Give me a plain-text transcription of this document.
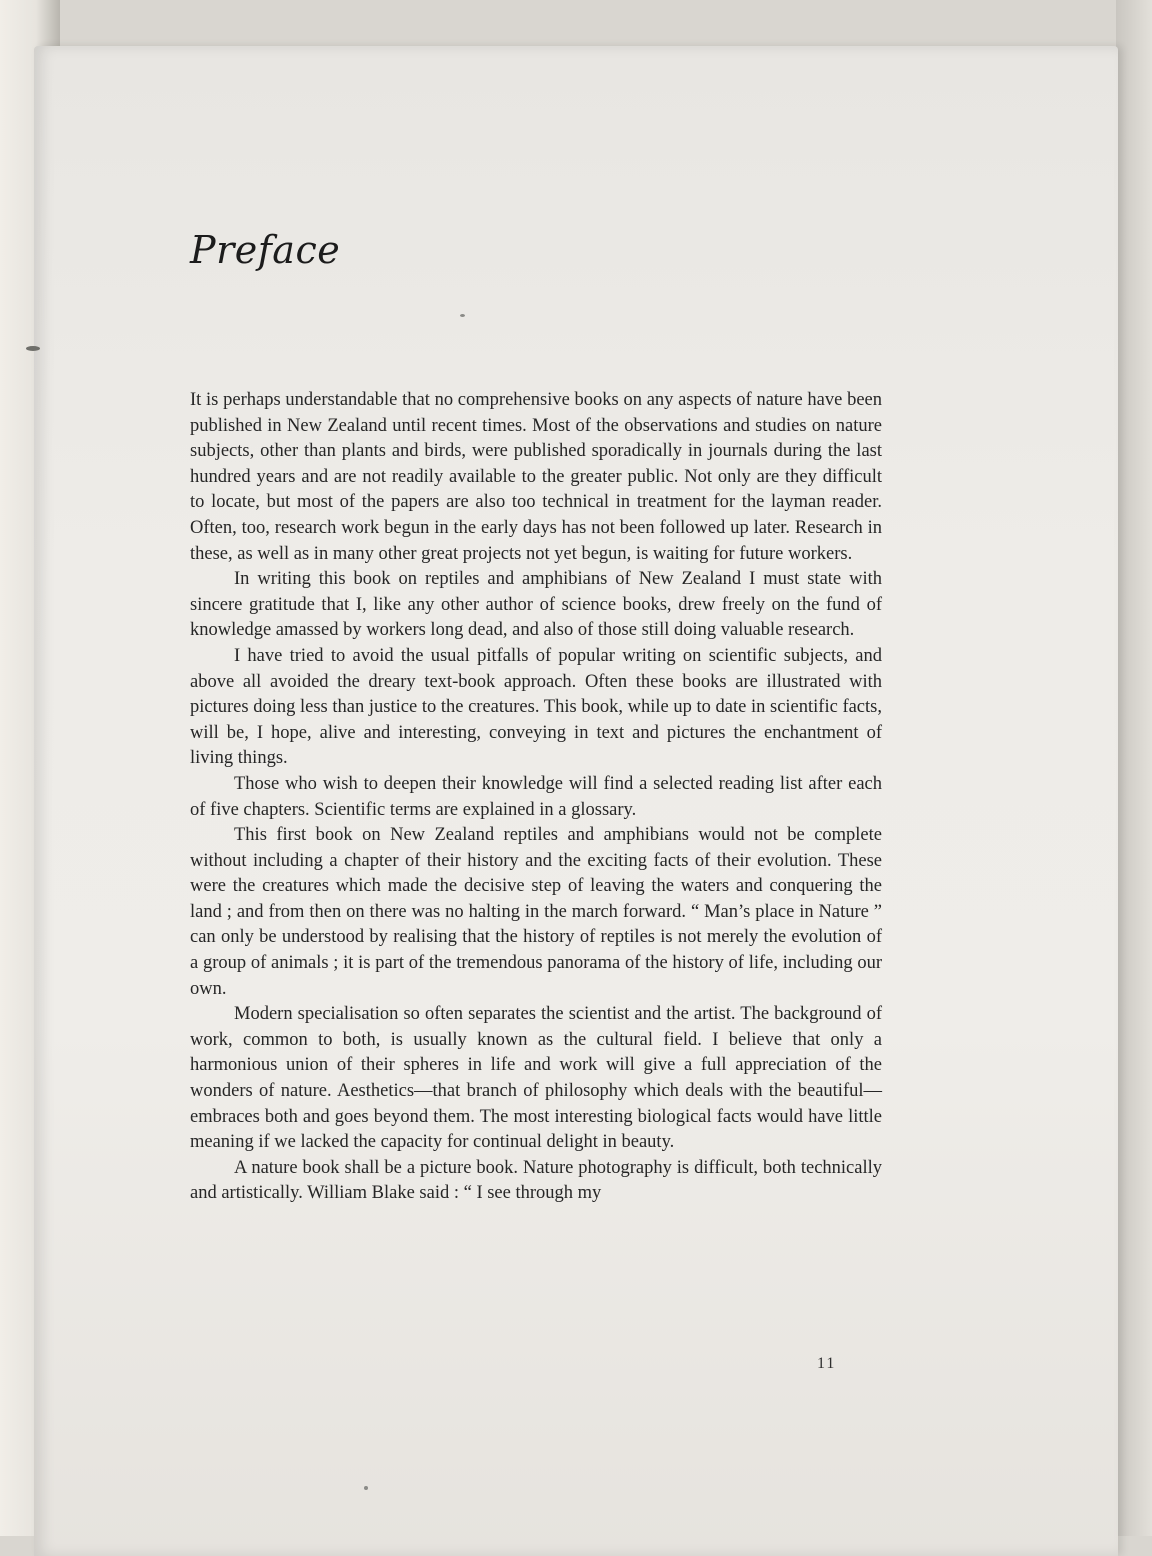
Preface

It is perhaps understandable that no comprehensive books on any aspects of nature have been published in New Zealand until recent times. Most of the observations and studies on nature subjects, other than plants and birds, were published sporadically in journals during the last hundred years and are not readily available to the greater public. Not only are they difficult to locate, but most of the papers are also too technical in treatment for the layman reader. Often, too, research work begun in the early days has not been followed up later. Research in these, as well as in many other great projects not yet begun, is waiting for future workers.

In writing this book on reptiles and amphibians of New Zealand I must state with sincere gratitude that I, like any other author of science books, drew freely on the fund of knowledge amassed by workers long dead, and also of those still doing valuable research.

I have tried to avoid the usual pitfalls of popular writing on scientific subjects, and above all avoided the dreary text-book approach. Often these books are illustrated with pictures doing less than justice to the creatures. This book, while up to date in scientific facts, will be, I hope, alive and interesting, conveying in text and pictures the enchantment of living things.

Those who wish to deepen their knowledge will find a selected reading list after each of five chapters. Scientific terms are explained in a glossary.

This first book on New Zealand reptiles and amphibians would not be complete without including a chapter of their history and the exciting facts of their evolution. These were the creatures which made the decisive step of leaving the waters and conquering the land ; and from then on there was no halting in the march forward. “ Man’s place in Nature ” can only be understood by realising that the history of reptiles is not merely the evolution of a group of animals ; it is part of the tremendous panorama of the history of life, including our own.

Modern specialisation so often separates the scientist and the artist. The background of work, common to both, is usually known as the cultural field. I believe that only a harmonious union of their spheres in life and work will give a full appreciation of the wonders of nature. Aesthetics—that branch of philosophy which deals with the beautiful—embraces both and goes beyond them. The most interesting biological facts would have little meaning if we lacked the capacity for continual delight in beauty.

A nature book shall be a picture book. Nature photography is difficult, both technically and artistically. William Blake said : “ I see through my

11
